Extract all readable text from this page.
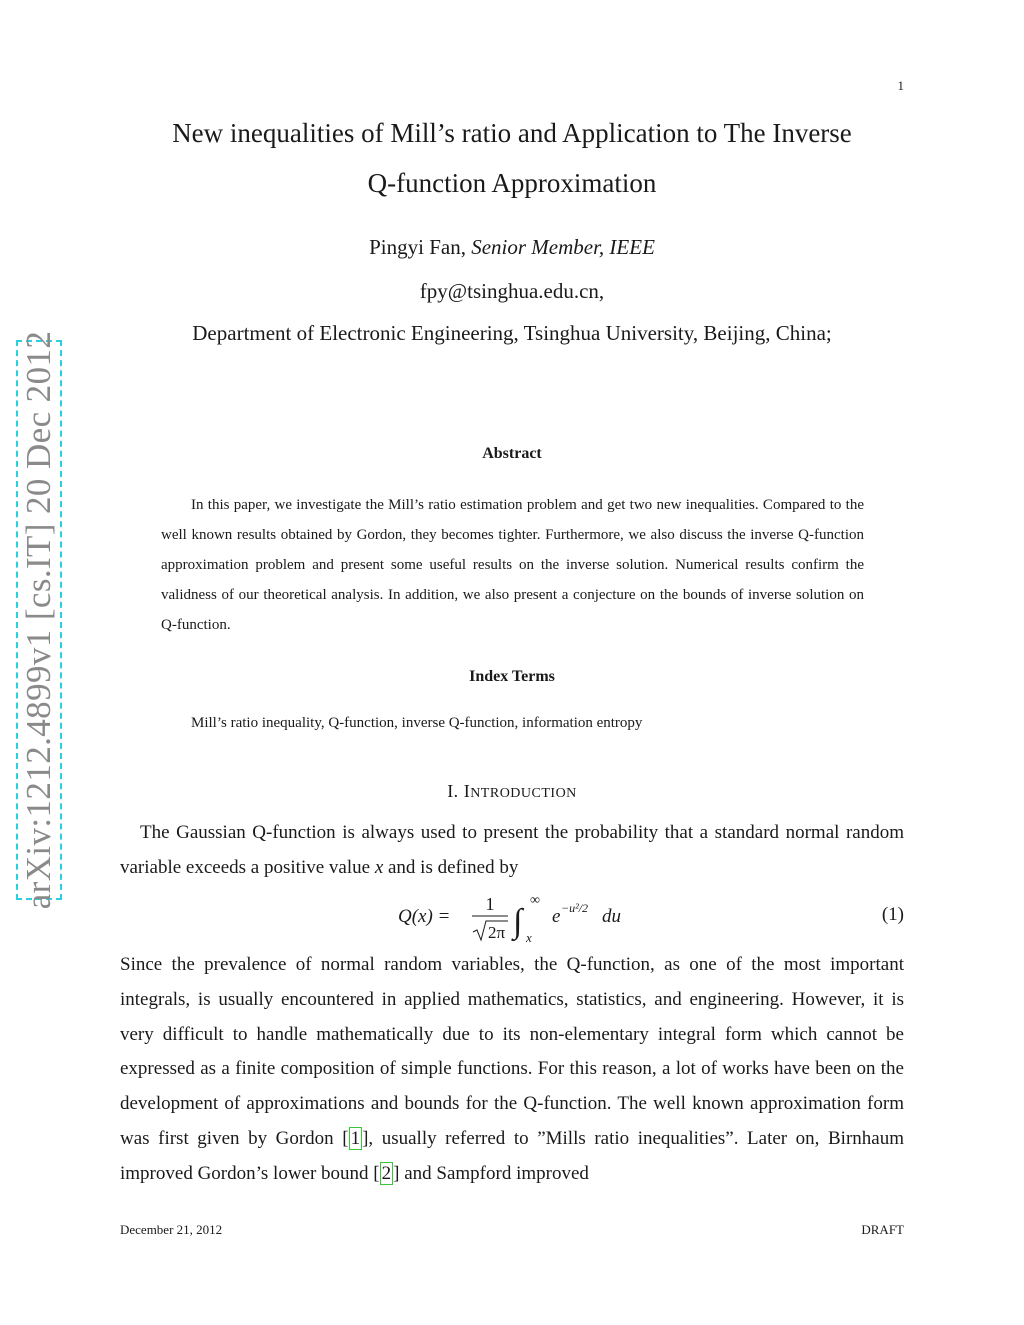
1
New inequalities of Mill’s ratio and Application to The Inverse
Q-function Approximation
Pingyi Fan, Senior Member, IEEE
fpy@tsinghua.edu.cn,
Department of Electronic Engineering, Tsinghua University, Beijing, China;
arXiv:1212.4899v1 [cs.IT] 20 Dec 2012	Abstract
In this paper, we investigate the Mill’s ratio estimation problem and get two new inequalities. Compared to the well known results obtained by Gordon, they becomes tighter. Furthermore, we also discuss the inverse Q-function approximation problem and present some useful results on the inverse solution. Numerical results confirm the validness of our theoretical analysis. In addition, we also present a conjecture on the bounds of inverse solution on Q-function.
Index Terms
Mill’s ratio inequality, Q-function, inverse Q-function, information entropy
I. INTRODUCTION
The Gaussian Q-function is always used to present the probability that a standard normal random variable exceeds a positive value x and is defined by
Q(x) =
1
2π ∫
∞
x
e −u²/2 du	(1)
Since the prevalence of normal random variables, the Q-function, as one of the most important integrals, is usually encountered in applied mathematics, statistics, and engineering. However, it is very difficult to handle mathematically due to its non-elementary integral form which cannot be expressed as a finite composition of simple functions. For this reason, a lot of works have been on the development of approximations and bounds for the Q-function. The well known approximation form was first given by Gordon [ 1 ], usually referred to ”Mills ratio inequalities”. Later on, Birnhaum improved Gordon’s lower bound [ 2 ] and Sampford improved
December 21, 2012	DRAFT
